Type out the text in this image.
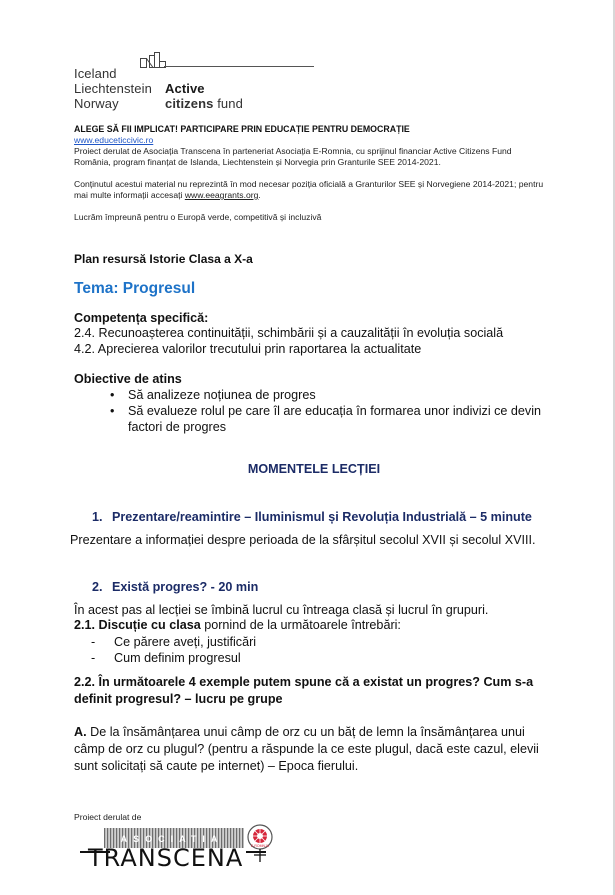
Iceland
Liechtenstein
Norway
Active
citizens fund

ALEGE SĂ FII IMPLICAT! PARTICIPARE PRIN EDUCAȚIE PENTRU DEMOCRAȚIE

www.educeticcivic.ro

Proiect derulat de Asociația Transcena în parteneriat Asociația E-Romnia, cu sprijinul financiar Active Citizens Fund România, program finanțat de Islanda, Liechtenstein și Norvegia prin Granturile SEE 2014-2021.

Conținutul acestui material nu reprezintă în mod necesar poziția oficială a Granturilor SEE și Norvegiene 2014-2021; pentru mai multe informații accesați www.eeagrants.org.

Lucrăm împreună pentru o Europă verde, competitivă și incluzivă

Plan resursă Istorie Clasa a X-a

Tema: Progresul

Competența specifică:

2.4. Recunoașterea continuității, schimbării și a cauzalității în evoluția socială

4.2. Aprecierea valorilor trecutului prin raportarea la actualitate

Obiective de atins

• Să analizeze noțiunea de progres
• Să evalueze rolul pe care îl are educația în formarea unor indivizi ce devin factori de progres

MOMENTELE LECȚIEI

1. Prezentare/reamintire – Iluminismul și Revoluția Industrială – 5 minute

Prezentare a informației despre perioada de la sfârșitul secolul XVII și secolul XVIII.

2. Există progres? - 20 min

În acest pas al lecției se îmbină lucrul cu întreaga clasă și lucrul în grupuri.

2.1. Discuție cu clasa pornind de la următoarele întrebări:

- Ce părere aveți, justificări
- Cum definim progresul

2.2. În următoarele 4 exemple putem spune că a existat un progres? Cum s-a definit progresul? – lucru pe grupe

A. De la însămânțarea unui câmp de orz cu un băț de lemn la însămânțarea unui câmp de orz cu plugul? (pentru a răspunde la ce este plugul, dacă este cazul, elevii sunt solicitați să caute pe internet) – Epoca fierului.

Proiect derulat de
ASOCIATIA
TRANSCENA E-ROMNJA
